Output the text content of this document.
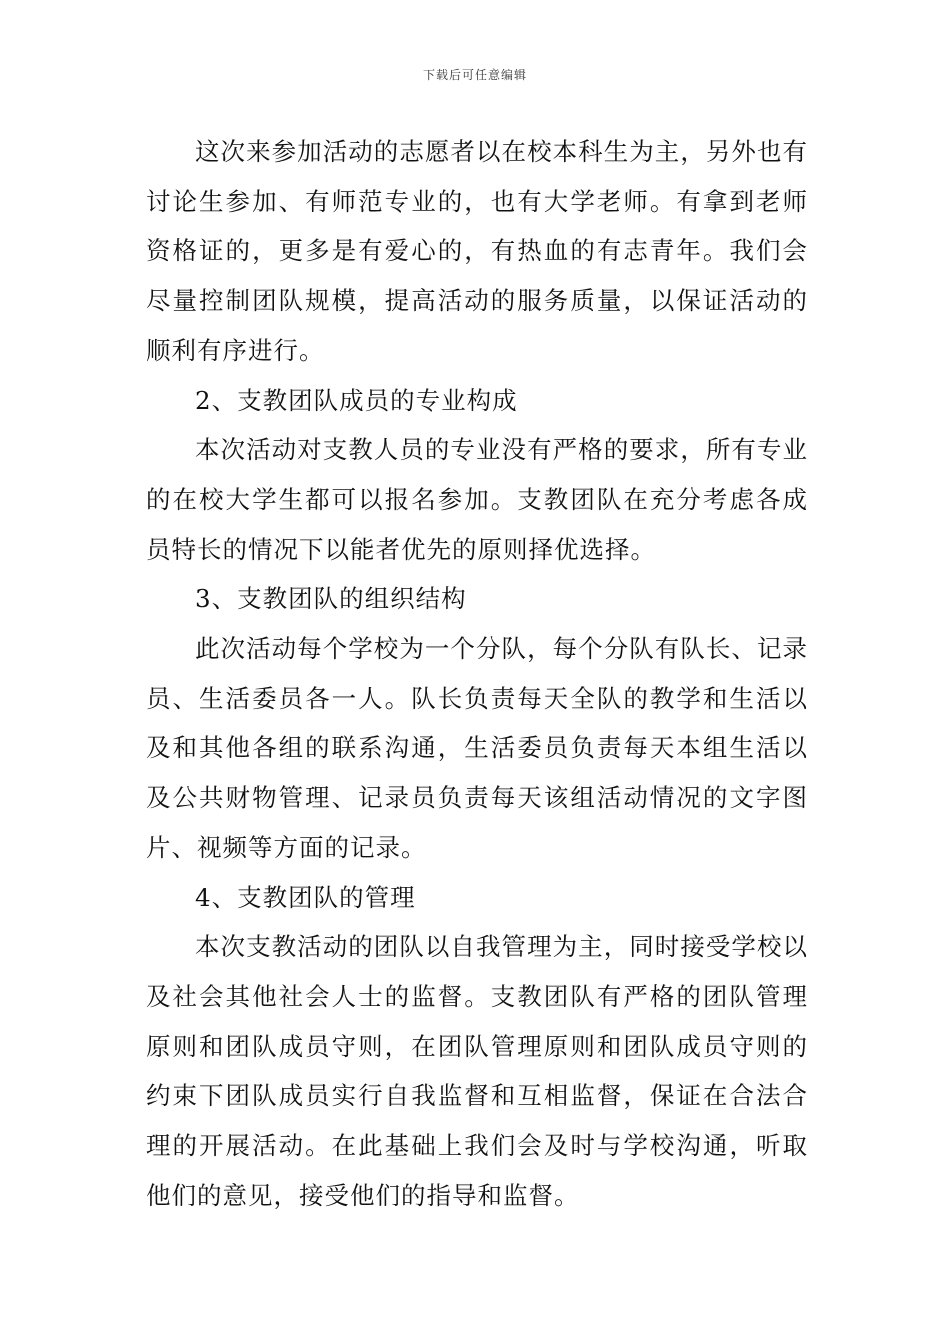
下载后可任意编辑

这次来参加活动的志愿者以在校本科生为主，另外也有讨论生参加、有师范专业的，也有大学老师。有拿到老师资格证的，更多是有爱心的，有热血的有志青年。我们会尽量控制团队规模，提高活动的服务质量，以保证活动的顺利有序进行。

2、支教团队成员的专业构成

本次活动对支教人员的专业没有严格的要求，所有专业的在校大学生都可以报名参加。支教团队在充分考虑各成员特长的情况下以能者优先的原则择优选择。

3、支教团队的组织结构

此次活动每个学校为一个分队，每个分队有队长、记录员、生活委员各一人。队长负责每天全队的教学和生活以及和其他各组的联系沟通，生活委员负责每天本组生活以及公共财物管理、记录员负责每天该组活动情况的文字图片、视频等方面的记录。

4、支教团队的管理

本次支教活动的团队以自我管理为主，同时接受学校以及社会其他社会人士的监督。支教团队有严格的团队管理原则和团队成员守则，在团队管理原则和团队成员守则的约束下团队成员实行自我监督和互相监督，保证在合法合理的开展活动。在此基础上我们会及时与学校沟通，听取他们的意见，接受他们的指导和监督。
